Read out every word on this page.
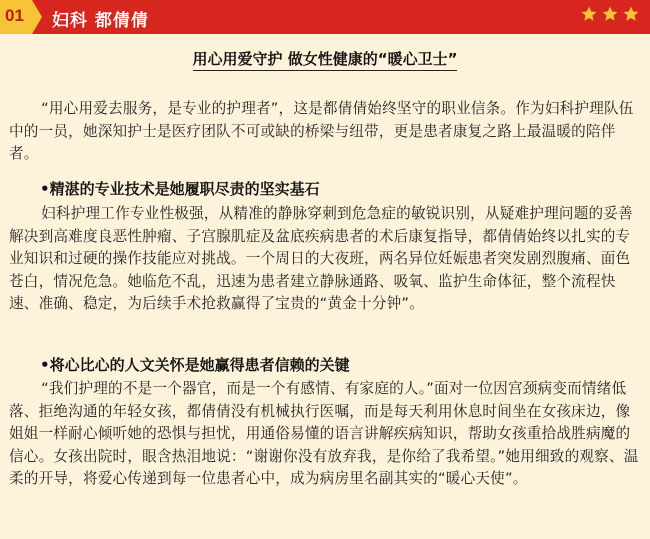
01 妇科 都倩倩
用心用爱守护 做女性健康的“暖心卫士”

“用心用爱去服务，是专业的护理者”，这是都倩倩始终坚守的职业信条。作为妇科护理队伍中的一员，她深知护士是医疗团队不可或缺的桥梁与纽带，更是患者康复之路上最温暖的陪伴者。

•精湛的专业技术是她履职尽责的坚实基石

妇科护理工作专业性极强，从精准的静脉穿刺到危急症的敏锐识别，从疑难护理问题的妥善解决到高难度良恶性肿瘤、子宫腺肌症及盆底疾病患者的术后康复指导，都倩倩始终以扎实的专业知识和过硬的操作技能应对挑战。一个周日的大夜班，两名异位妊娠患者突发剧烈腹痛、面色苍白，情况危急。她临危不乱，迅速为患者建立静脉通路、吸氧、监护生命体征，整个流程快速、准确、稳定，为后续手术抢救赢得了宝贵的“黄金十分钟”。

•将心比心的人文关怀是她赢得患者信赖的关键

“我们护理的不是一个器官，而是一个有感情、有家庭的人。”面对一位因宫颈病变而情绪低落、拒绝沟通的年轻女孩，都倩倩没有机械执行医嘱，而是每天利用休息时间坐在女孩床边，像姐姐一样耐心倾听她的恐惧与担忧，用通俗易懂的语言讲解疾病知识，帮助女孩重拾战胜病魔的信心。女孩出院时，眼含热泪地说：“谢谢你没有放弃我，是你给了我希望。”她用细致的观察、温柔的开导，将爱心传递到每一位患者心中，成为病房里名副其实的“暖心天使”。
